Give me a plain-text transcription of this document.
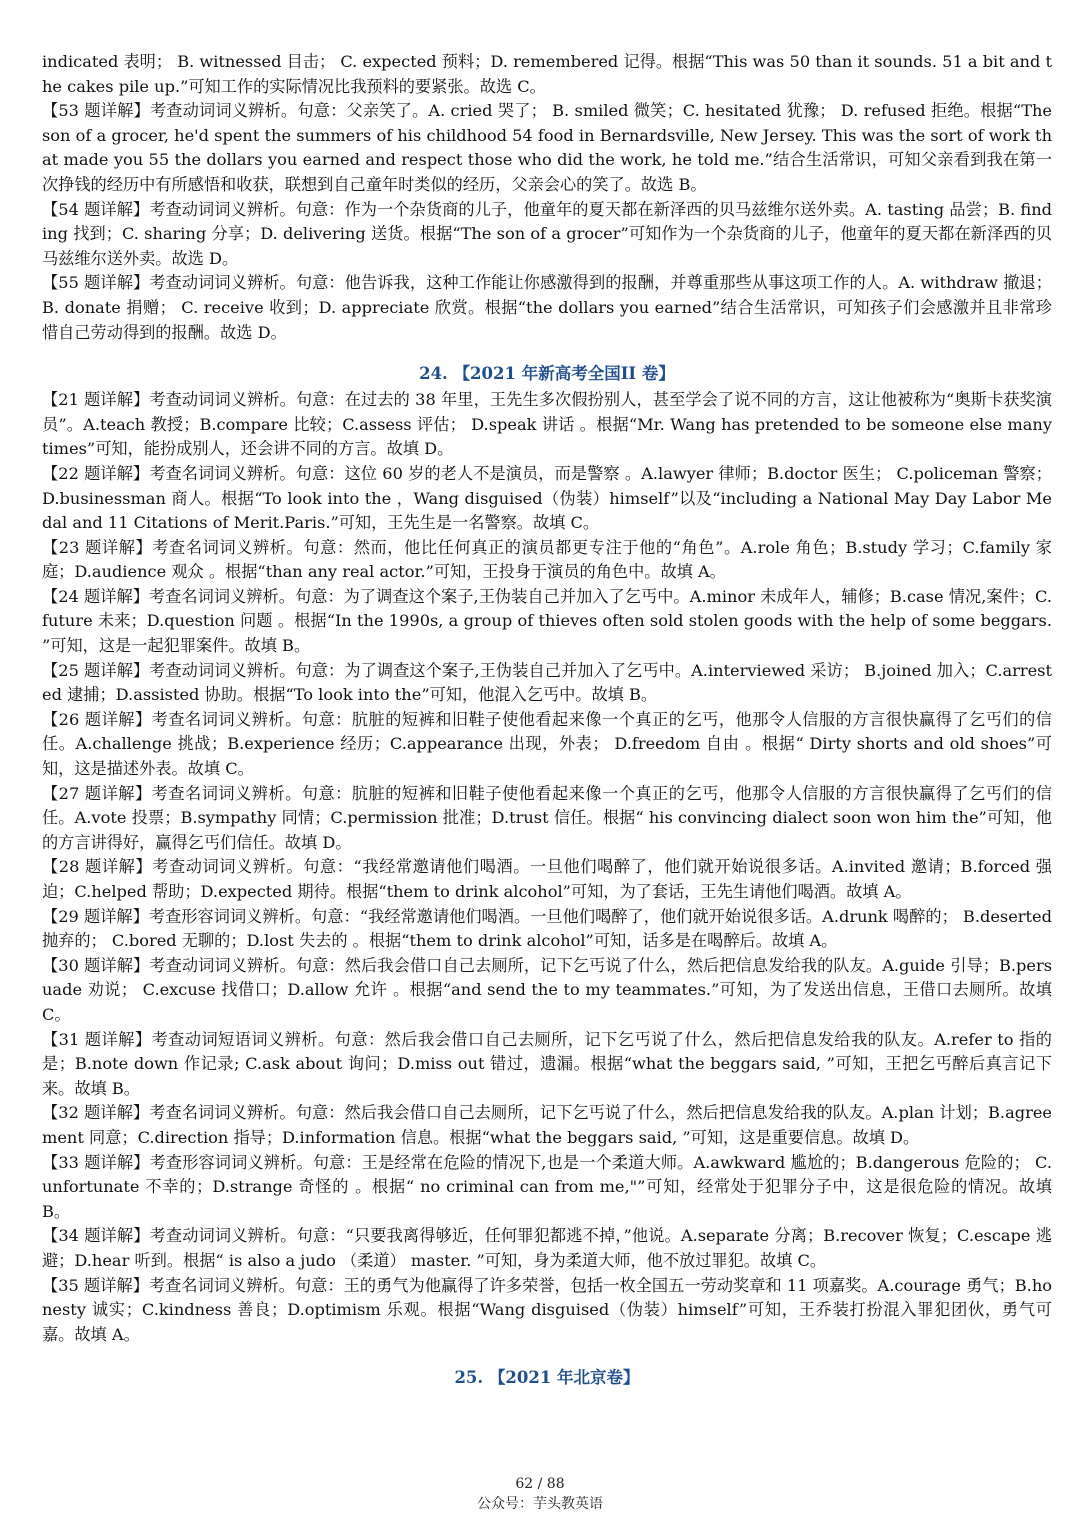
indicated 表明； B. witnessed 目击； C. expected 预料；D. remembered 记得。根据“This was 50 than it sounds. 51 a bit and the cakes pile up.”可知工作的实际情况比我预料的要紧张。故选 C。

【53 题详解】考查动词词义辨析。句意：父亲笑了。A. cried 哭了； B. smiled 微笑；C. hesitated 犹豫； D. refused 拒绝。根据“The son of a grocer, he'd spent the summers of his childhood 54 food in Bernardsville, New Jersey. This was the sort of work that made you 55 the dollars you earned and respect those who did the work, he told me.”结合生活常识，可知父亲看到我在第一次挣钱的经历中有所感悟和收获，联想到自己童年时类似的经历，父亲会心的笑了。故选 B。

【54 题详解】考查动词词义辨析。句意：作为一个杂货商的儿子，他童年的夏天都在新泽西的贝马兹维尔送外卖。A. tasting 品尝；B. finding 找到；C. sharing 分享；D. delivering 送货。根据“The son of a grocer”可知作为一个杂货商的儿子，他童年的夏天都在新泽西的贝马兹维尔送外卖。故选 D。

【55 题详解】考查动词词义辨析。句意：他告诉我，这种工作能让你感激得到的报酬，并尊重那些从事这项工作的人。A. withdraw 撤退；B. donate 捐赠； C. receive 收到；D. appreciate 欣赏。根据“the dollars you earned”结合生活常识，可知孩子们会感激并且非常珍惜自己劳动得到的报酬。故选 D。

24. 【2021 年新高考全国II 卷】

【21 题详解】考查动词词义辨析。句意：在过去的 38 年里，王先生多次假扮别人，甚至学会了说不同的方言，这让他被称为“奥斯卡获奖演员”。A.teach 教授；B.compare 比较；C.assess 评估； D.speak 讲话 。根据“Mr. Wang has pretended to be someone else many times”可知，能扮成别人，还会讲不同的方言。故填 D。

【22 题详解】考查名词词义辨析。句意：这位 60 岁的老人不是演员，而是警察 。A.lawyer 律师；B.doctor 医生； C.policeman 警察；D.businessman 商人。根据“To look into the ，Wang disguised（伪装）himself”以及“including a National May Day Labor Medal and 11 Citations of Merit.Paris.”可知，王先生是一名警察。故填 C。

【23 题详解】考查名词词义辨析。句意：然而，他比任何真正的演员都更专注于他的“角色”。A.role 角色；B.study 学习；C.family 家庭；D.audience 观众 。根据“than any real actor.”可知，王投身于演员的角色中。故填 A。

【24 题详解】考查名词词义辨析。句意：为了调查这个案子,王伪装自己并加入了乞丐中。A.minor 未成年人，辅修；B.case 情况,案件；C.future 未来；D.question 问题 。根据“In the 1990s, a group of thieves often sold stolen goods with the help of some beggars. ”可知，这是一起犯罪案件。故填 B。

【25 题详解】考查动词词义辨析。句意：为了调查这个案子,王伪装自己并加入了乞丐中。A.interviewed 采访； B.joined 加入；C.arrested 逮捕；D.assisted 协助。根据“To look into the”可知，他混入乞丐中。故填 B。

【26 题详解】考查名词词义辨析。句意：肮脏的短裤和旧鞋子使他看起来像一个真正的乞丐，他那令人信服的方言很快赢得了乞丐们的信任。A.challenge 挑战；B.experience 经历；C.appearance 出现，外表； D.freedom 自由 。根据“ Dirty shorts and old shoes”可知，这是描述外表。故填 C。

【27 题详解】考查名词词义辨析。句意：肮脏的短裤和旧鞋子使他看起来像一个真正的乞丐，他那令人信服的方言很快赢得了乞丐们的信任。A.vote 投票；B.sympathy 同情；C.permission 批准；D.trust 信任。根据“ his convincing dialect soon won him the”可知，他的方言讲得好，赢得乞丐们信任。故填 D。

【28 题详解】考查动词词义辨析。句意：“我经常邀请他们喝酒。一旦他们喝醉了，他们就开始说很多话。A.invited 邀请；B.forced 强迫；C.helped 帮助；D.expected 期待。根据“them to drink alcohol”可知，为了套话，王先生请他们喝酒。故填 A。

【29 题详解】考查形容词词义辨析。句意：“我经常邀请他们喝酒。一旦他们喝醉了，他们就开始说很多话。A.drunk 喝醉的； B.deserted 抛弃的； C.bored 无聊的；D.lost 失去的 。根据“them to drink alcohol”可知，话多是在喝醉后。故填 A。

【30 题详解】考查动词词义辨析。句意：然后我会借口自己去厕所，记下乞丐说了什么，然后把信息发给我的队友。A.guide 引导；B.persuade 劝说； C.excuse 找借口；D.allow 允许 。根据“and send the to my teammates.”可知，为了发送出信息，王借口去厕所。故填 C。

【31 题详解】考查动词短语词义辨析。句意：然后我会借口自己去厕所，记下乞丐说了什么，然后把信息发给我的队友。A.refer to 指的是；B.note down 作记录; C.ask about 询问；D.miss out 错过，遗漏。根据“what the beggars said, ”可知，王把乞丐醉后真言记下来。故填 B。

【32 题详解】考查名词词义辨析。句意：然后我会借口自己去厕所，记下乞丐说了什么，然后把信息发给我的队友。A.plan 计划；B.agreement 同意；C.direction 指导；D.information 信息。根据“what the beggars said, ”可知，这是重要信息。故填 D。

【33 题详解】考查形容词词义辨析。句意：王是经常在危险的情况下,也是一个柔道大师。A.awkward 尴尬的；B.dangerous 危险的； C.unfortunate 不幸的；D.strange 奇怪的 。根据“ no criminal can from me,"”可知，经常处于犯罪分子中，这是很危险的情况。故填 B。

【34 题详解】考查动词词义辨析。句意：“只要我离得够近，任何罪犯都逃不掉，”他说。A.separate 分离；B.recover 恢复；C.escape 逃避；D.hear 听到。根据“ is also a judo （柔道） master. ”可知，身为柔道大师，他不放过罪犯。故填 C。

【35 题详解】考查名词词义辨析。句意：王的勇气为他赢得了许多荣誉，包括一枚全国五一劳动奖章和 11 项嘉奖。A.courage 勇气；B.honesty 诚实；C.kindness 善良；D.optimism 乐观。根据“Wang disguised（伪装）himself”可知，王乔装打扮混入罪犯团伙，勇气可嘉。故填 A。

25. 【2021 年北京卷】
62 / 88
公众号：芋头教英语
